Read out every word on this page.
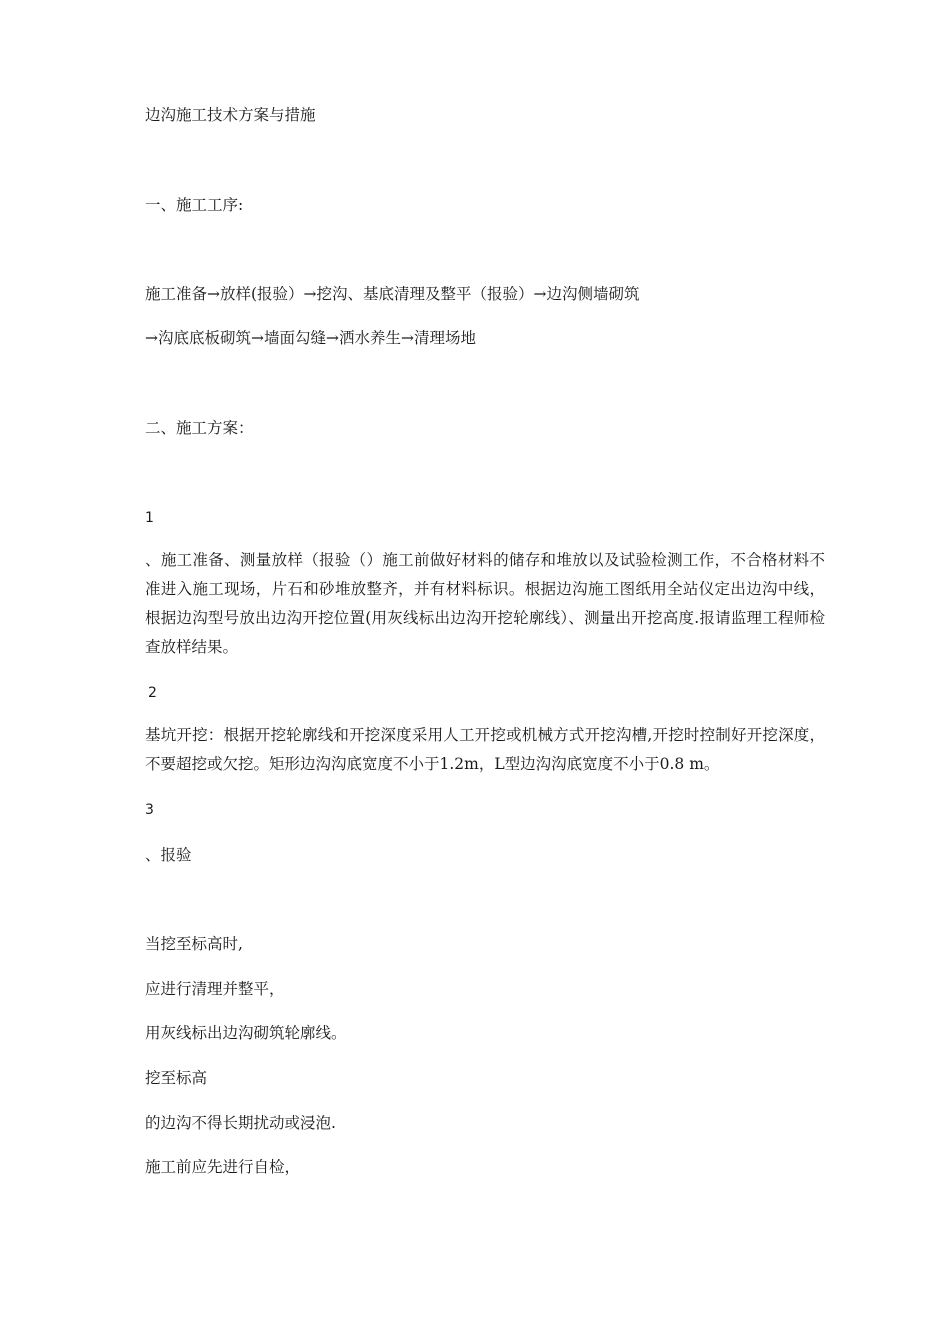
边沟施工技术方案与措施

一、施工工序:

施工准备→放样(报验）→挖沟、基底清理及整平（报验）→边沟侧墙砌筑

→沟底底板砌筑→墙面勾缝→洒水养生→清理场地

二、施工方案：

1

、施工准备、测量放样（报验（）施工前做好材料的储存和堆放以及试验检测工作，不合格材料不准进入施工现场，片石和砂堆放整齐，并有材料标识。根据边沟施工图纸用全站仪定出边沟中线，根据边沟型号放出边沟开挖位置(用灰线标出边沟开挖轮廓线）、测量出开挖高度.报请监理工程师检查放样结果。

2

基坑开挖：根据开挖轮廓线和开挖深度采用人工开挖或机械方式开挖沟槽,开挖时控制好开挖深度，不要超挖或欠挖。矩形边沟沟底宽度不小于1.2m，L型边沟沟底宽度不小于0.8 m。

3

、报验

当挖至标高时,

应进行清理并整平，

用灰线标出边沟砌筑轮廓线。

挖至标高

的边沟不得长期扰动或浸泡.

施工前应先进行自检，
